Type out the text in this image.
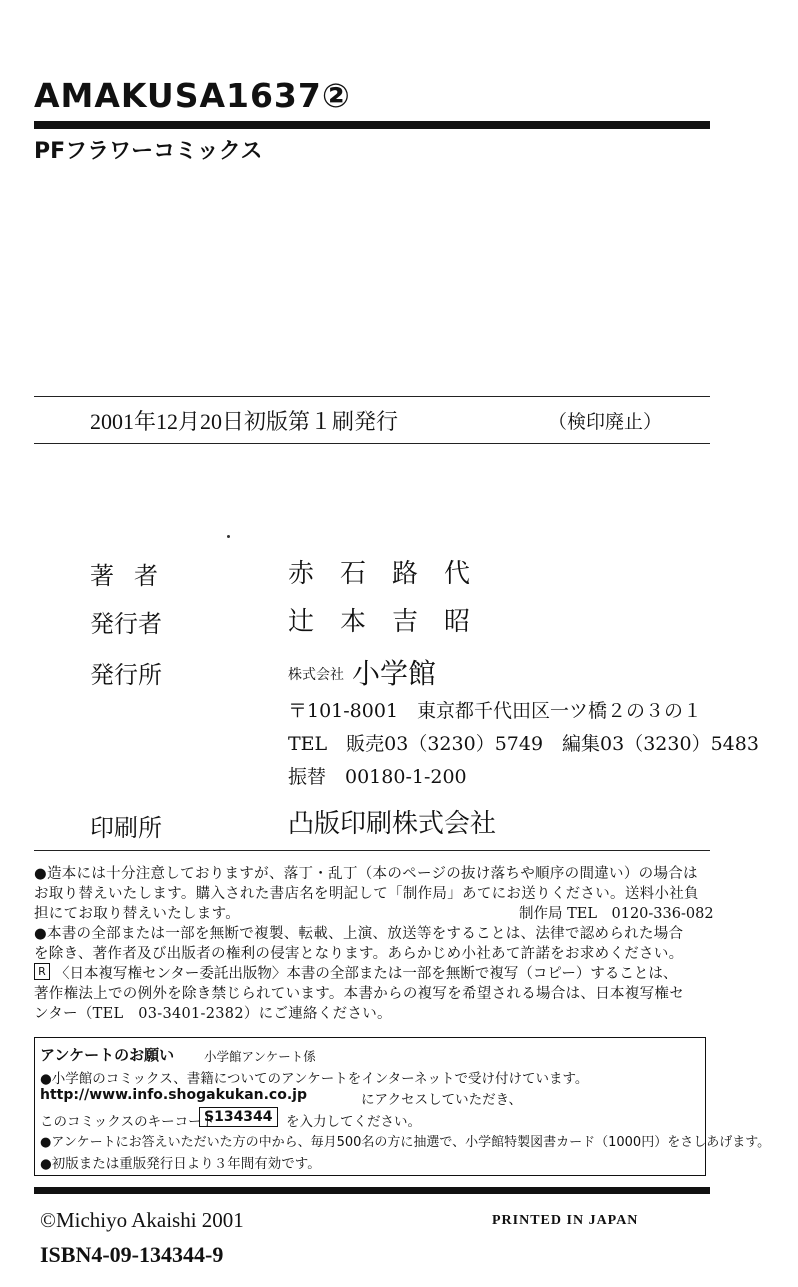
AMAKUSA1637②
PFフラワーコミックス
2001年12月20日初版第１刷発行	（検印廃止）
著者	赤石路代
発行者	辻本吉昭
発行所	株式会社 小学館
〒101-8001　東京都千代田区一ツ橋２の３の１
TEL　販売03（3230）5749　編集03（3230）5483
振替　00180-1-200
印刷所	凸版印刷株式会社
●造本には十分注意しておりますが、落丁・乱丁（本のページの抜け落ちや順序の間違い）の場合は
お取り替えいたします。購入された書店名を明記して「制作局」あてにお送りください。送料小社負
担にてお取り替えいたします。	制作局 TEL　0120-336-082
●本書の全部または一部を無断で複製、転載、上演、放送等をすることは、法律で認められた場合
を除き、著作者及び出版者の権利の侵害となります。あらかじめ小社あて許諾をお求めください。
R 〈日本複写権センター委託出版物〉本書の全部または一部を無断で複写（コピー）することは、
著作権法上での例外を除き禁じられています。本書からの複写を希望される場合は、日本複写権セ
ンター（TEL　03-3401-2382）にご連絡ください。
アンケートのお願い 小学館アンケート係
●小学館のコミックス、書籍についてのアンケートをインターネットで受け付けています。
http://www.info.shogakukan.co.jp	にアクセスしていただき、
このコミックスのキーコード
S134344 を入力してください。
●アンケートにお答えいただいた方の中から、毎月500名の方に抽選で、小学館特製図書カード（1000円）をさしあげます。
●初版または重版発行日より３年間有効です。
©Michiyo Akaishi 2001	PRINTED IN JAPAN
ISBN4-09-134344-9
